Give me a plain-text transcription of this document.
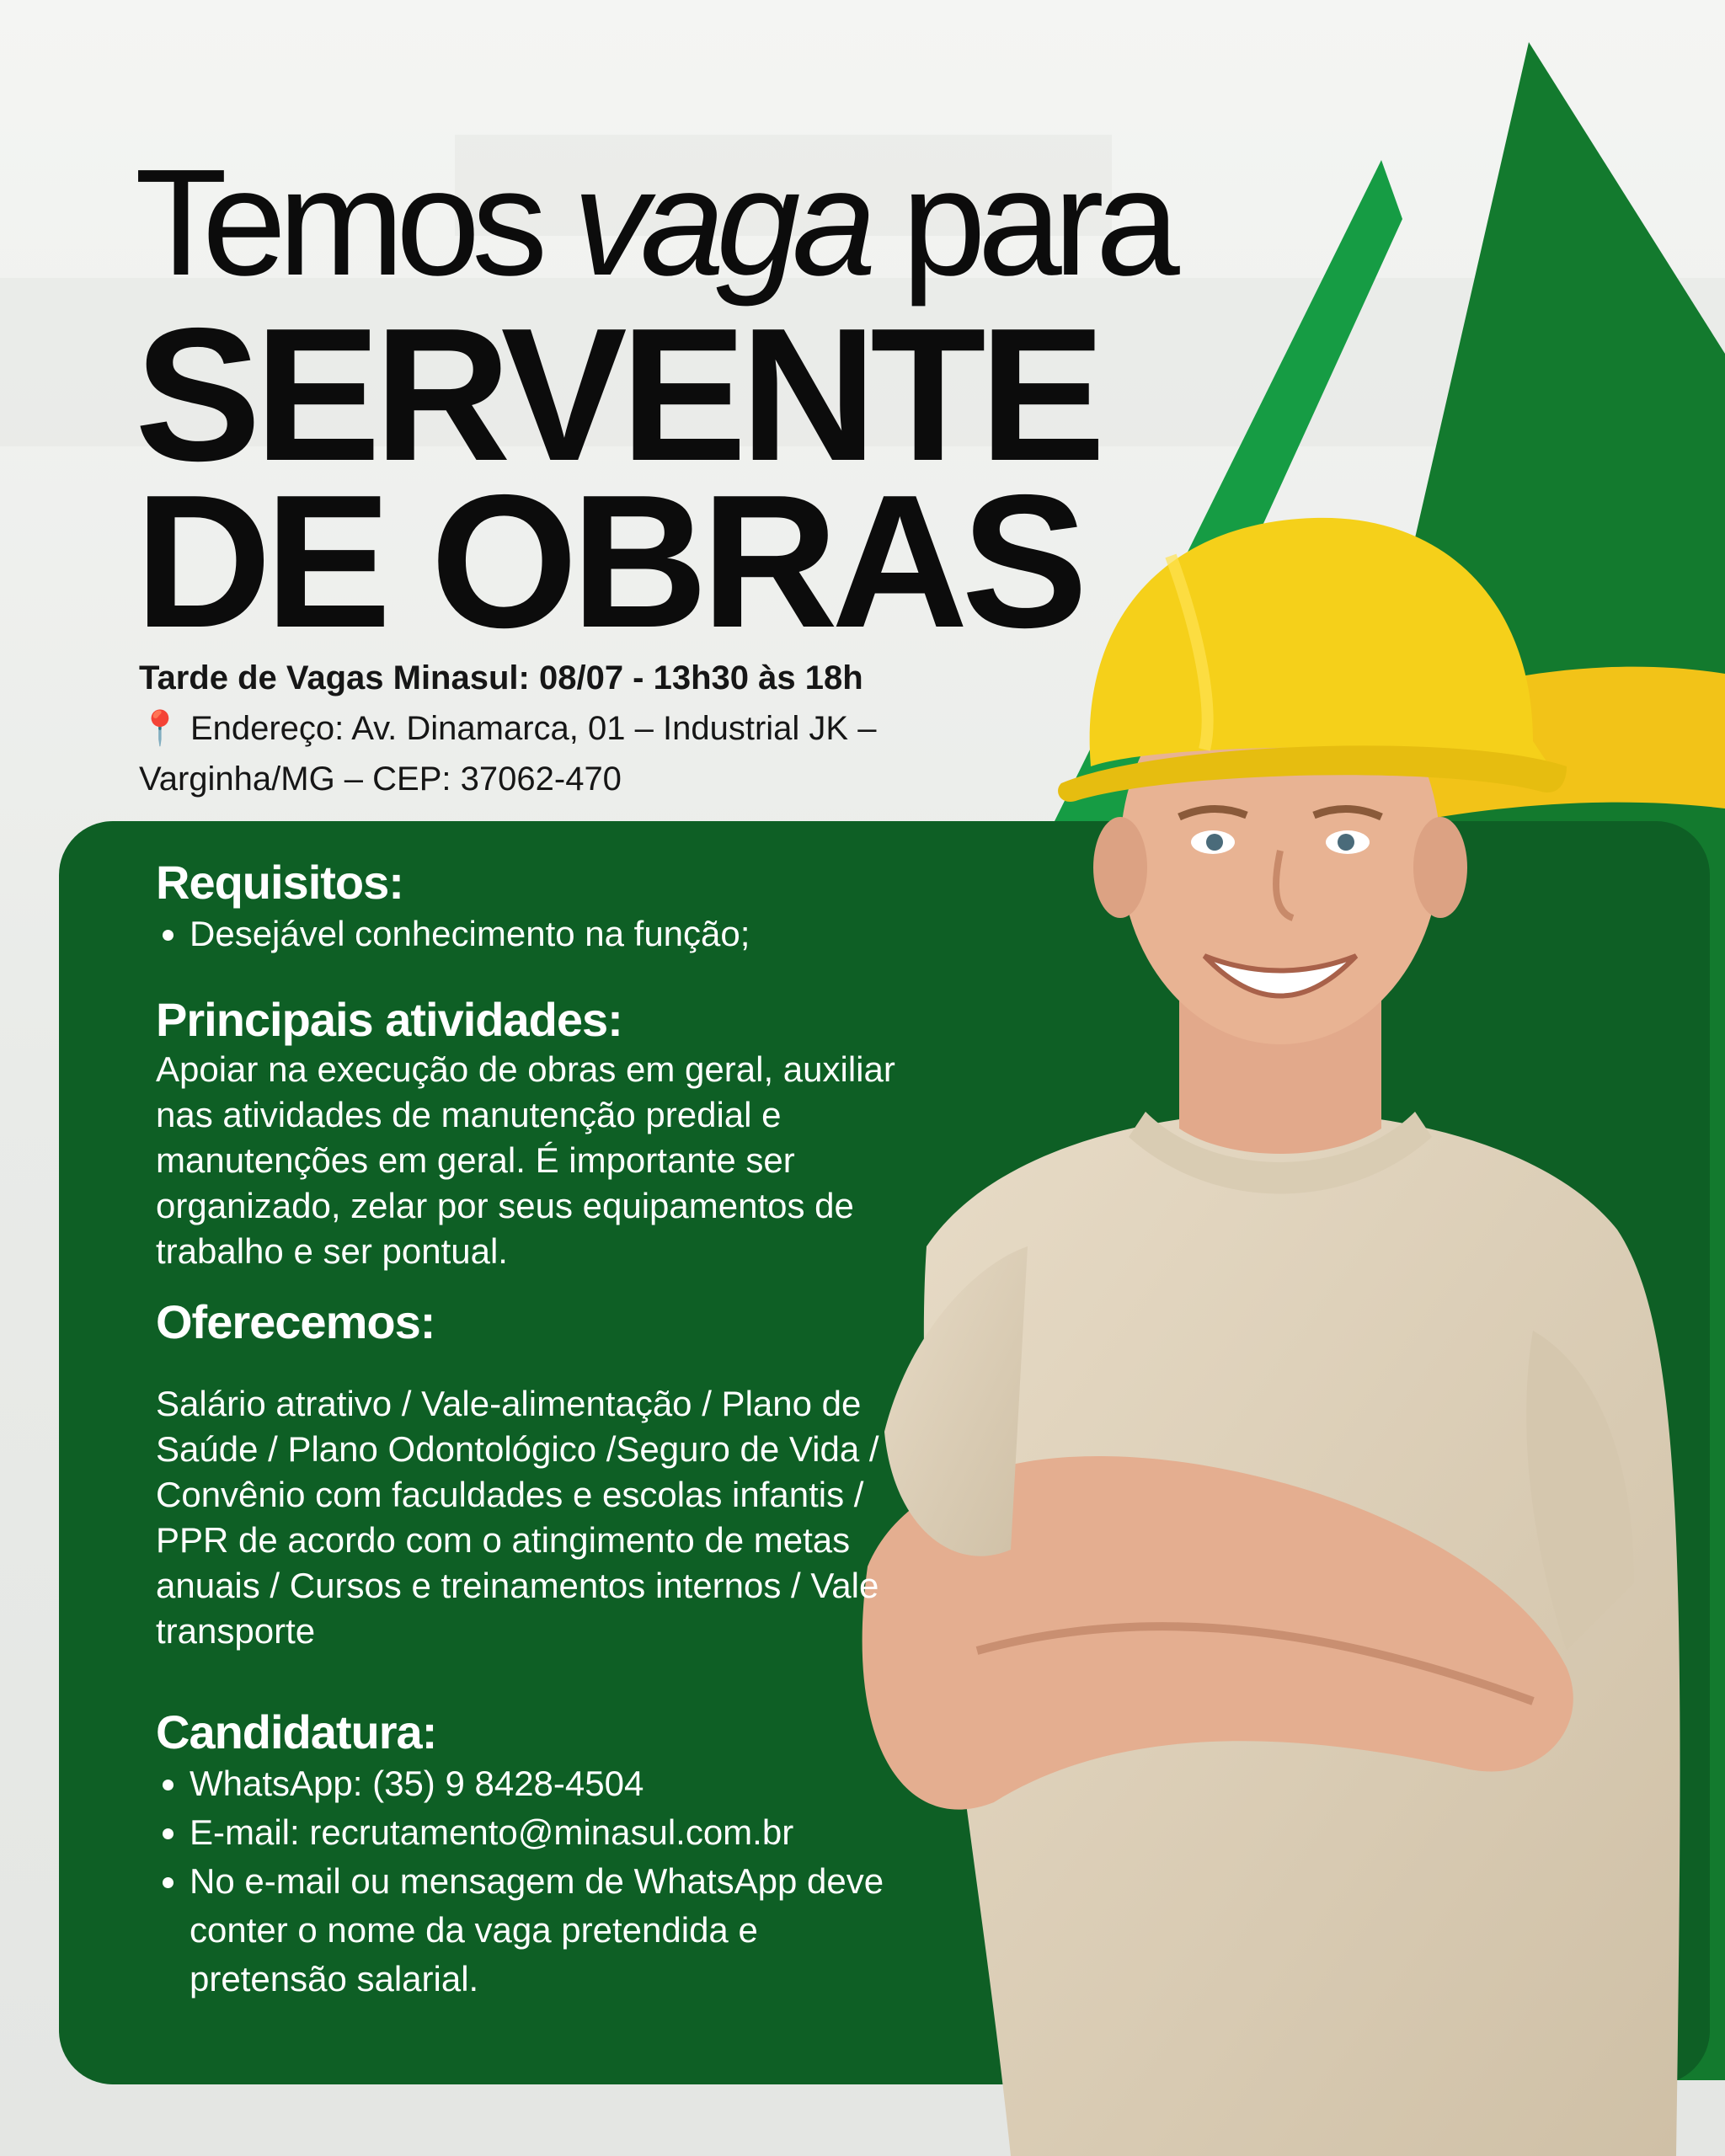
Temos vaga para
SERVENTE
DE OBRAS
Tarde de Vagas Minasul: 08/07 - 13h30 às 18h
📍 Endereço: Av. Dinamarca, 01 – Industrial JK – Varginha/MG – CEP: 37062-470
Requisitos:
• Desejável conhecimento na função;
Principais atividades:
Apoiar na execução de obras em geral, auxiliar nas atividades de manutenção predial e manutenções em geral. É importante ser organizado, zelar por seus equipamentos de trabalho e ser pontual.
Oferecemos:
Salário atrativo / Vale-alimentação / Plano de Saúde / Plano Odontológico /Seguro de Vida / Convênio com faculdades e escolas infantis / PPR de acordo com o atingimento de metas anuais / Cursos e treinamentos internos / Vale transporte
Candidatura:
• WhatsApp: (35) 9 8428-4504
• E-mail: recrutamento@minasul.com.br
• No e-mail ou mensagem de WhatsApp deve conter o nome da vaga pretendida e pretensão salarial.
